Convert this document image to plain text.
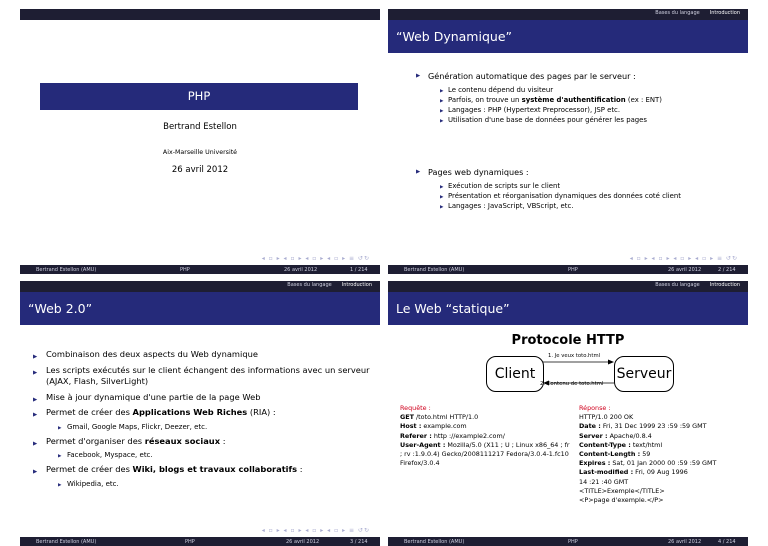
PHP
Bertrand Estellon
Aix-Marseille Université
26 avril 2012
◂ ▫ ▸ ◂ ▫ ▸ ◂ ▫ ▸ ◂ ▫ ▸ ≡ ↺↻
Bertrand Estellon (AMU)	PHP	26 avril 2012	1 / 214
Bases du langage Introduction
“Web Dynamique”
▶ Génération automatique des pages par le serveur :
▶ Le contenu dépend du visiteur
▶ Parfois, on trouve un système d'authentification (ex : ENT)
▶ Langages : PHP (Hypertext Preprocessor), JSP etc.
▶ Utilisation d'une base de données pour générer les pages
▶ Pages web dynamiques :
▶ Exécution de scripts sur le client
▶ Présentation et réorganisation dynamiques des données coté client
▶ Langages : JavaScript, VBScript, etc.
◂ ▫ ▸ ◂ ▫ ▸ ◂ ▫ ▸ ◂ ▫ ▸ ≡ ↺↻
Bertrand Estellon (AMU)	PHP	26 avril 2012	2 / 214
Bases du langage Introduction
“Web 2.0”
▶ Combinaison des deux aspects du Web dynamique
▶ Les scripts exécutés sur le client échangent des informations avec un serveur (AJAX, Flash, SilverLight)
▶ Mise à jour dynamique d'une partie de la page Web
▶ Permet de créer des Applications Web Riches (RIA) :
▶ Gmail, Google Maps, Flickr, Deezer, etc.
▶ Permet d'organiser des réseaux sociaux :
▶ Facebook, Myspace, etc.
▶ Permet de créer des Wiki, blogs et travaux collaboratifs :
▶ Wikipedia, etc.
◂ ▫ ▸ ◂ ▫ ▸ ◂ ▫ ▸ ◂ ▫ ▸ ≡ ↺↻
Bertrand Estellon (AMU)	PHP	26 avril 2012	3 / 214
Bases du langage Introduction
Le Web “statique”
Protocole HTTP
Client	Serveur
1. Je veux toto.html
2. Contenu de toto.html
Requête :
GET /toto.html HTTP/1.0
Host : example.com
Referer : http ://example2.com/
User-Agent : Mozilla/5.0 (X11 ; U ; Linux x86_64 ; fr ; rv :1.9.0.4) Gecko/2008111217 Fedora/3.0.4-1.fc10 Firefox/3.0.4
Réponse :
HTTP/1.0 200 OK
Date : Fri, 31 Dec 1999 23 :59 :59 GMT
Server : Apache/0.8.4
Content-Type : text/html
Content-Length : 59
Expires : Sat, 01 Jan 2000 00 :59 :59 GMT
Last-modified : Fri, 09 Aug 1996
14 :21 :40 GMT
<TITLE>Exemple</TITLE>
<P>page d'exemple.</P>
Bertrand Estellon (AMU)	PHP	26 avril 2012	4 / 214
